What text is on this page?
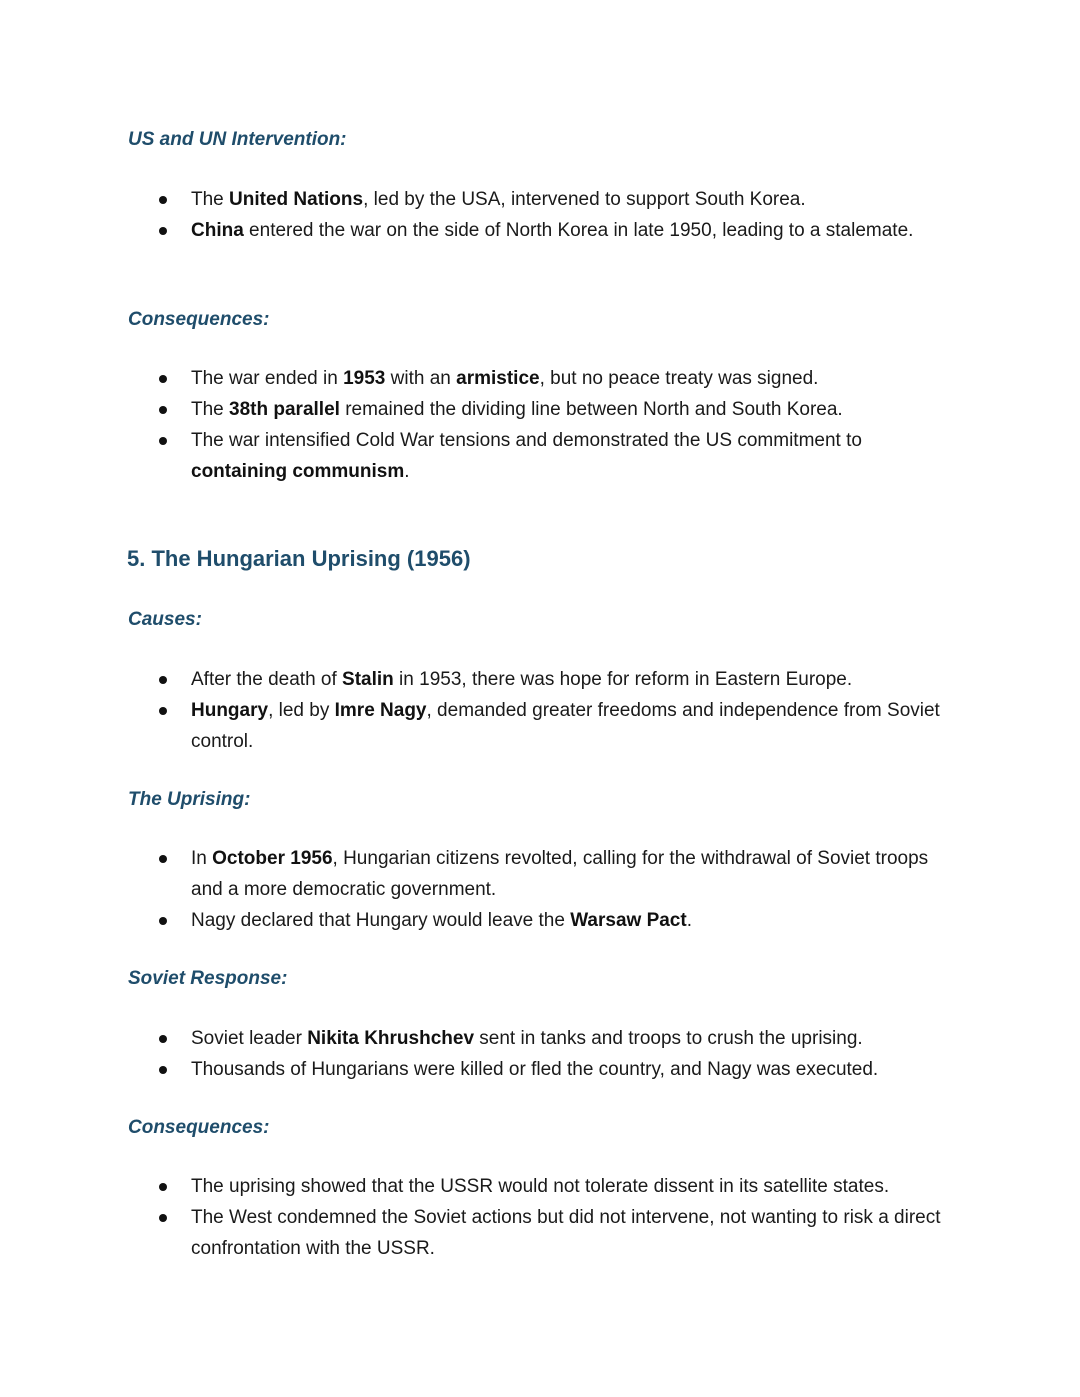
US and UN Intervention:
The United Nations, led by the USA, intervened to support South Korea.
China entered the war on the side of North Korea in late 1950, leading to a stalemate.
Consequences:
The war ended in 1953 with an armistice, but no peace treaty was signed.
The 38th parallel remained the dividing line between North and South Korea.
The war intensified Cold War tensions and demonstrated the US commitment to containing communism.
5. The Hungarian Uprising (1956)
Causes:
After the death of Stalin in 1953, there was hope for reform in Eastern Europe.
Hungary, led by Imre Nagy, demanded greater freedoms and independence from Soviet control.
The Uprising:
In October 1956, Hungarian citizens revolted, calling for the withdrawal of Soviet troops and a more democratic government.
Nagy declared that Hungary would leave the Warsaw Pact.
Soviet Response:
Soviet leader Nikita Khrushchev sent in tanks and troops to crush the uprising.
Thousands of Hungarians were killed or fled the country, and Nagy was executed.
Consequences:
The uprising showed that the USSR would not tolerate dissent in its satellite states.
The West condemned the Soviet actions but did not intervene, not wanting to risk a direct confrontation with the USSR.
